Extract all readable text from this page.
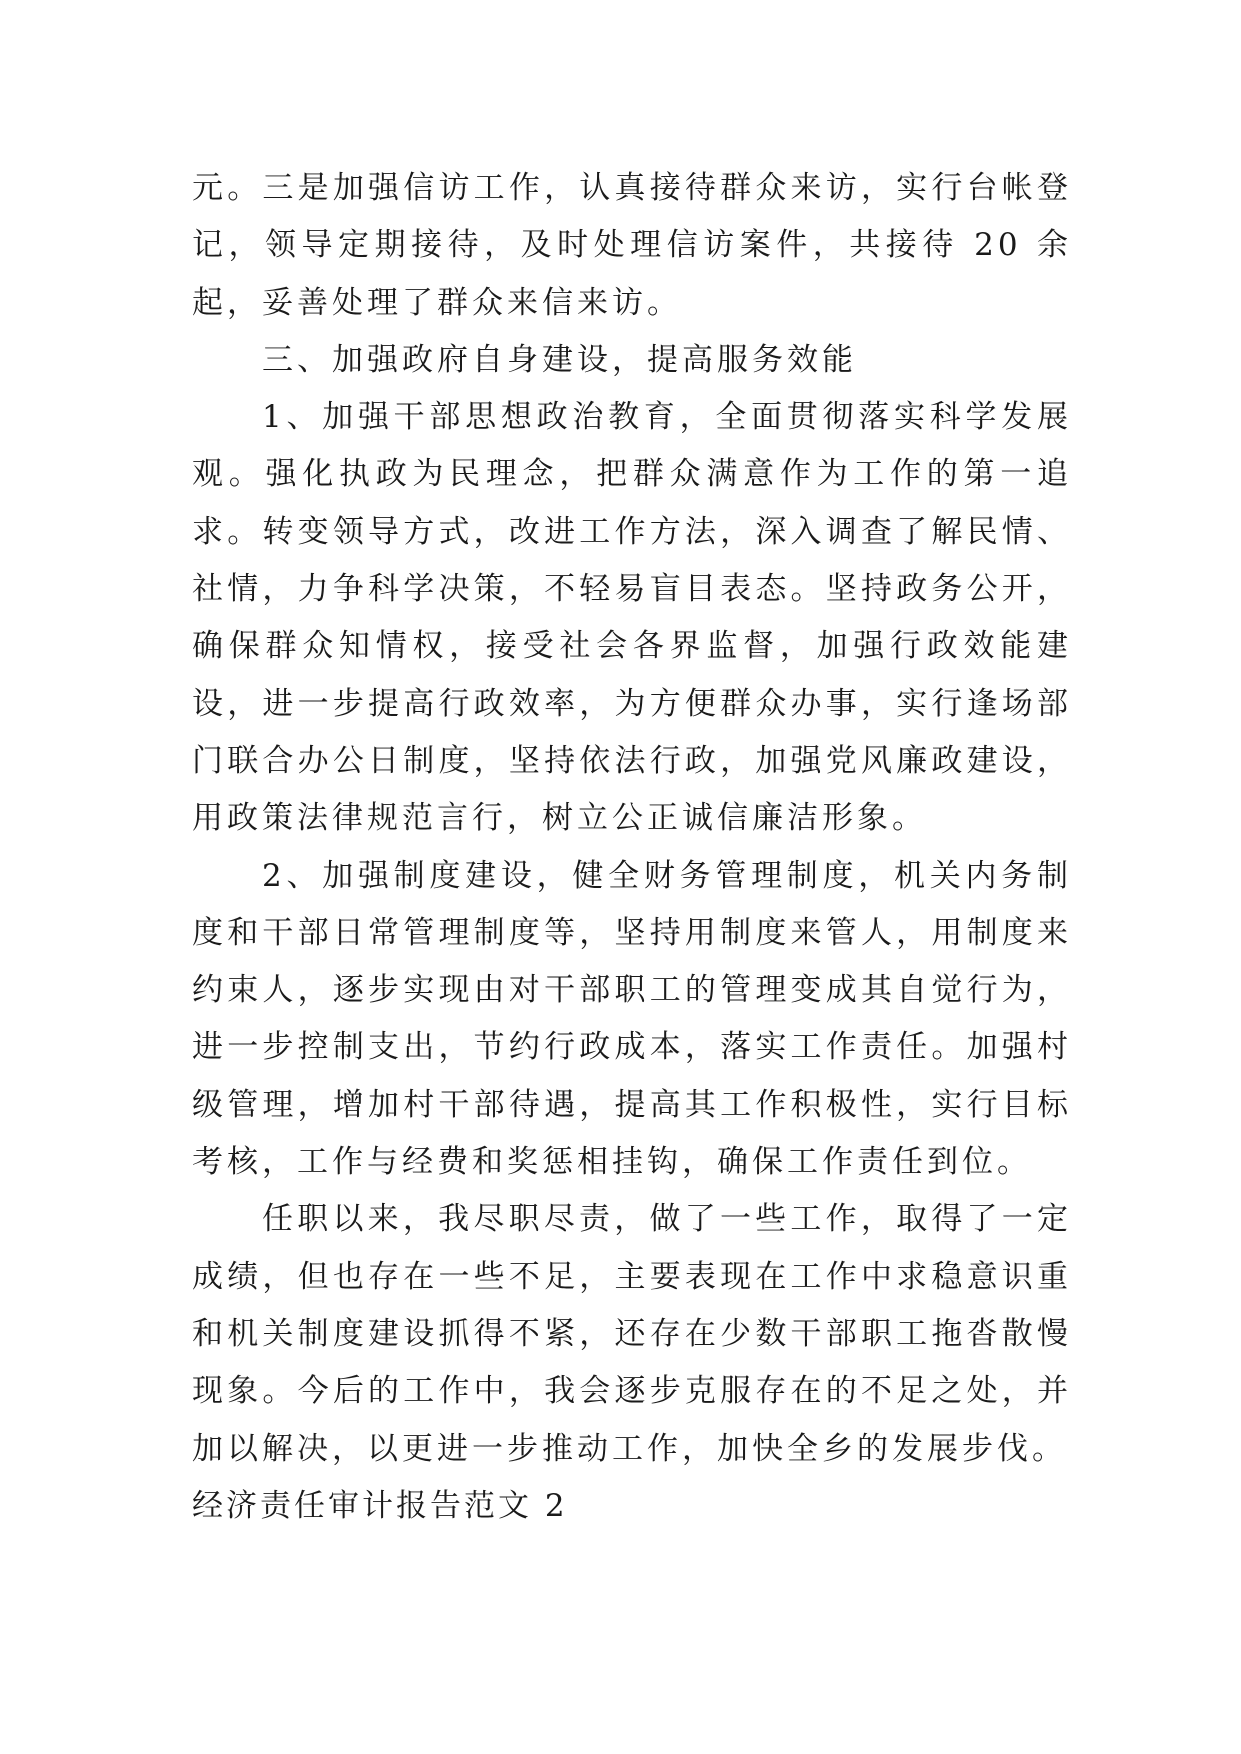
元。三是加强信访工作，认真接待群众来访，实行台帐登记，领导定期接待，及时处理信访案件，共接待 20 余起，妥善处理了群众来信来访。

三、加强政府自身建设，提高服务效能

1、加强干部思想政治教育，全面贯彻落实科学发展观。强化执政为民理念，把群众满意作为工作的第一追求。转变领导方式，改进工作方法，深入调查了解民情、社情，力争科学决策，不轻易盲目表态。坚持政务公开，确保群众知情权，接受社会各界监督，加强行政效能建设，进一步提高行政效率，为方便群众办事，实行逢场部门联合办公日制度，坚持依法行政，加强党风廉政建设，用政策法律规范言行，树立公正诚信廉洁形象。

2、加强制度建设，健全财务管理制度，机关内务制度和干部日常管理制度等，坚持用制度来管人，用制度来约束人，逐步实现由对干部职工的管理变成其自觉行为，进一步控制支出，节约行政成本，落实工作责任。加强村级管理，增加村干部待遇，提高其工作积极性，实行目标考核，工作与经费和奖惩相挂钩，确保工作责任到位。

任职以来，我尽职尽责，做了一些工作，取得了一定成绩，但也存在一些不足，主要表现在工作中求稳意识重和机关制度建设抓得不紧，还存在少数干部职工拖沓散慢现象。今后的工作中，我会逐步克服存在的不足之处，并加以解决，以更进一步推动工作，加快全乡的发展步伐。

经济责任审计报告范文 2
